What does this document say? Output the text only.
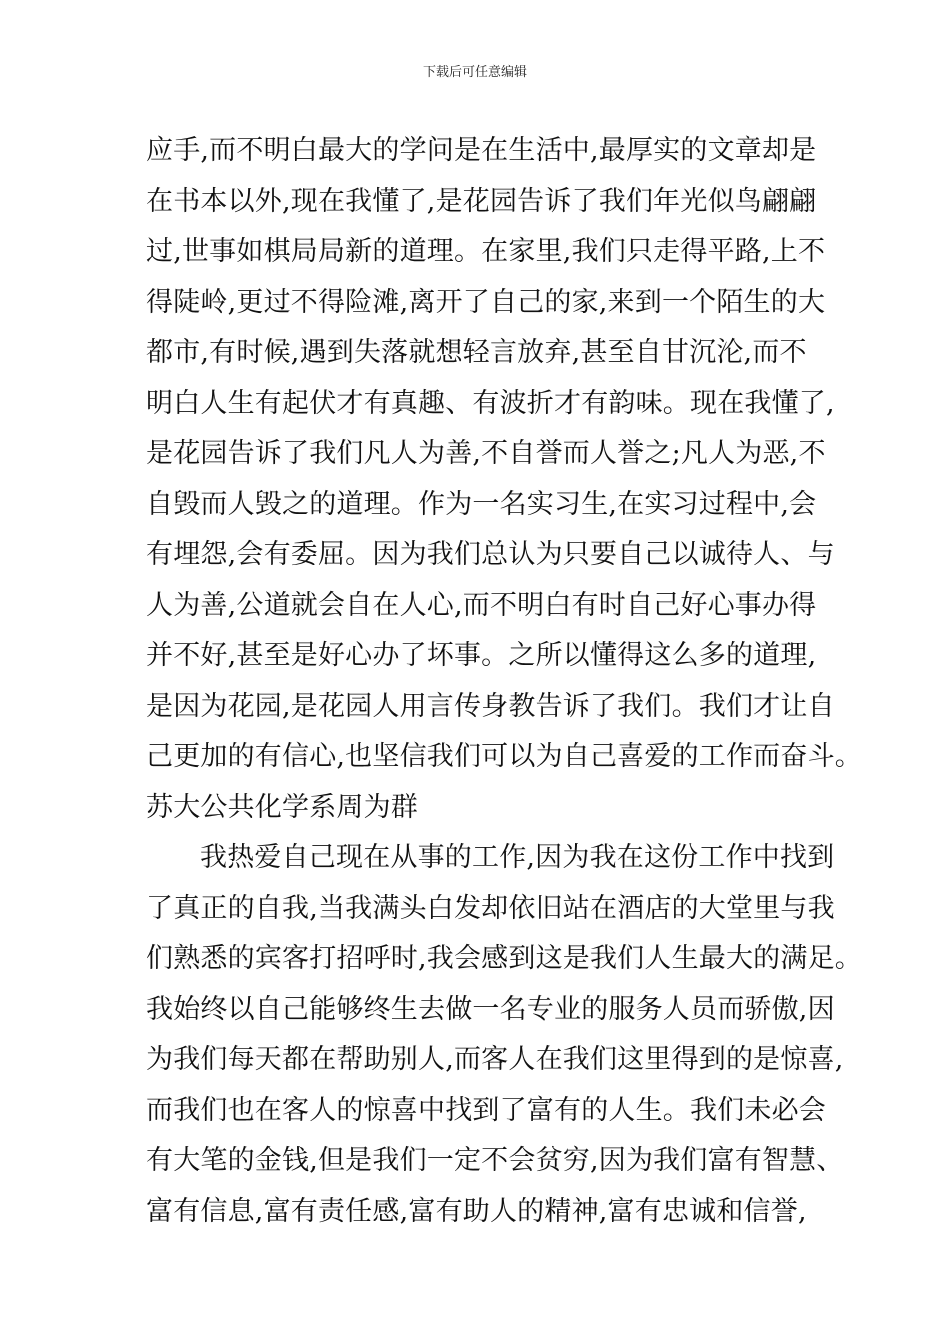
下载后可任意编辑
应手,而不明白最大的学问是在生活中,最厚实的文章却是
在书本以外,现在我懂了,是花园告诉了我们年光似鸟翩翩
过,世事如棋局局新的道理。在家里,我们只走得平路,上不
得陡岭,更过不得险滩,离开了自己的家,来到一个陌生的大
都市,有时候,遇到失落就想轻言放弃,甚至自甘沉沦,而不
明白人生有起伏才有真趣、有波折才有韵味。现在我懂了,
是花园告诉了我们凡人为善,不自誉而人誉之;凡人为恶,不
自毁而人毁之的道理。作为一名实习生,在实习过程中,会
有埋怨,会有委屈。因为我们总认为只要自己以诚待人、与
人为善,公道就会自在人心,而不明白有时自己好心事办得
并不好,甚至是好心办了坏事。之所以懂得这么多的道理,
是因为花园,是花园人用言传身教告诉了我们。我们才让自
己更加的有信心,也坚信我们可以为自己喜爱的工作而奋斗。
苏大公共化学系周为群
我热爱自己现在从事的工作,因为我在这份工作中找到
了真正的自我,当我满头白发却依旧站在酒店的大堂里与我
们熟悉的宾客打招呼时,我会感到这是我们人生最大的满足。
我始终以自己能够终生去做一名专业的服务人员而骄傲,因
为我们每天都在帮助别人,而客人在我们这里得到的是惊喜,
而我们也在客人的惊喜中找到了富有的人生。我们未必会
有大笔的金钱,但是我们一定不会贫穷,因为我们富有智慧、
富有信息,富有责任感,富有助人的精神,富有忠诚和信誉,
